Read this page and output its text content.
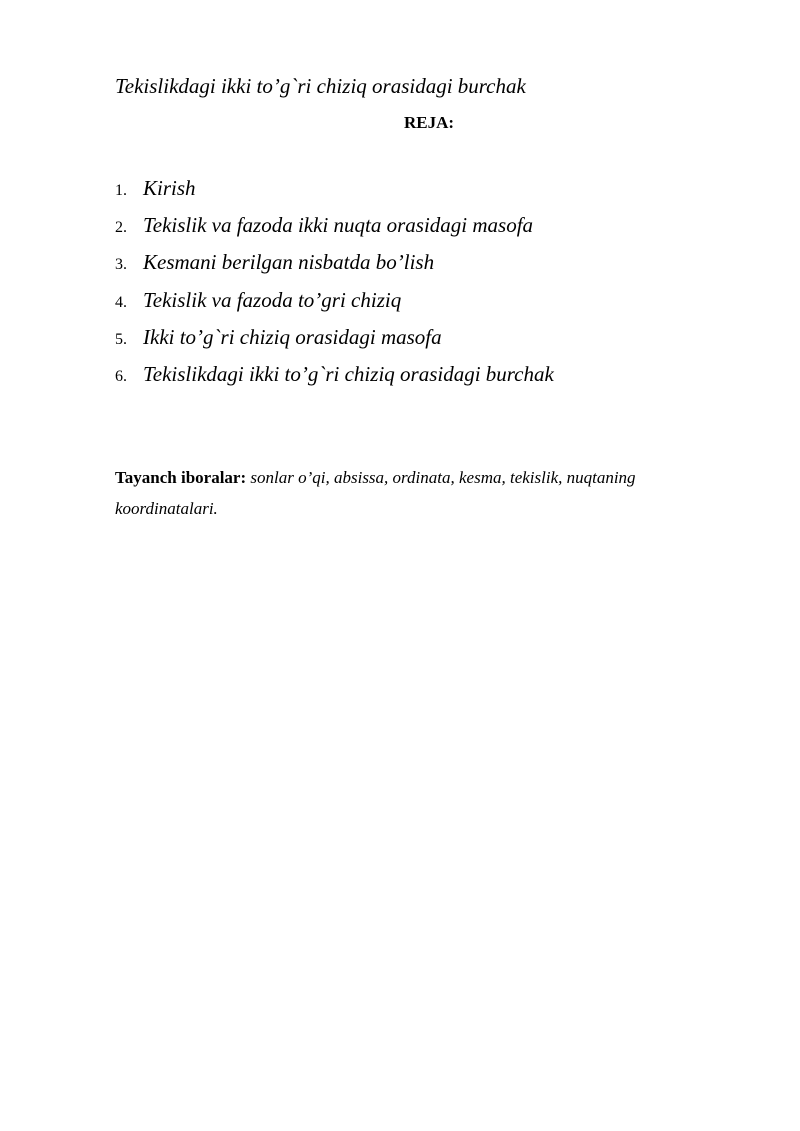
Tekislikdagi ikki to’g`ri chiziq orasidagi burchak
REJA:
1. Kirish
2. Tekislik va fazoda ikki nuqta orasidagi masofa
3. Kesmani berilgan nisbatda bo’lish
4. Tekislik va fazoda to’gri chiziq
5. Ikki to’g`ri chiziq orasidagi masofa
6. Tekislikdagi ikki to’g`ri chiziq orasidagi burchak
Tayanch iboralar: sonlar o’qi, absissa, ordinata, kesma, tekislik, nuqtaning koordinatalari.
